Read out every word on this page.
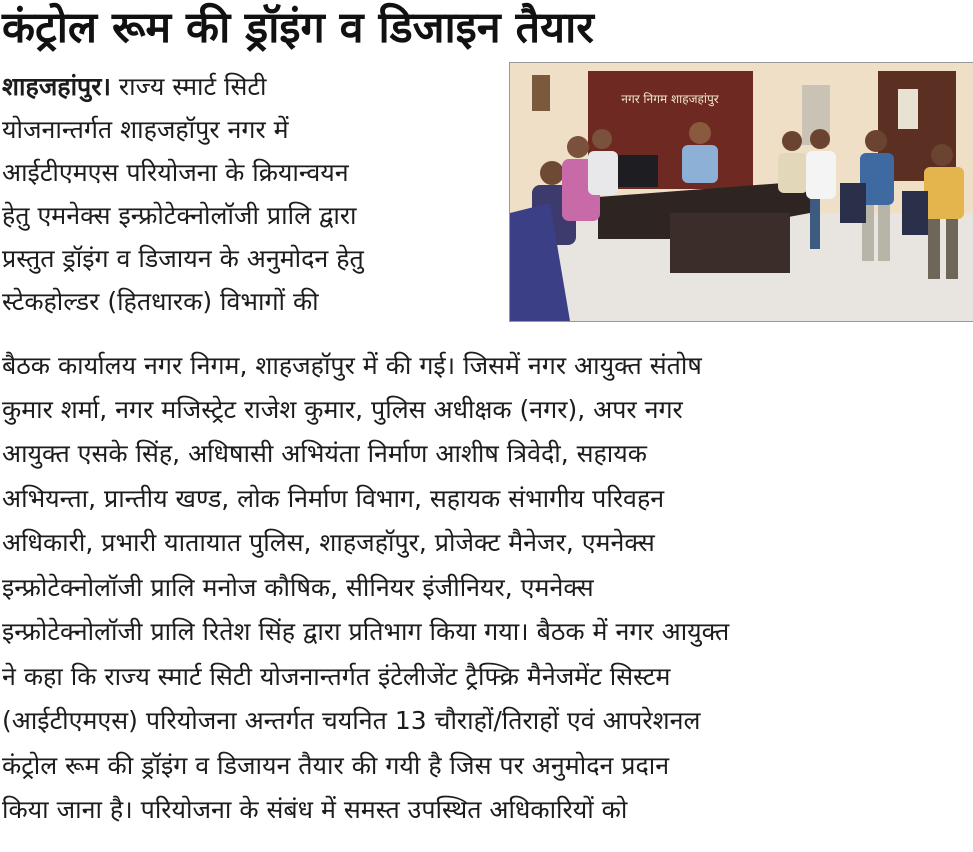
कंट्रोल रूम की ड्रॉइंग व डिजाइन तैयार
शाहजहांपुर। राज्य स्मार्ट सिटी
योजनान्तर्गत शाहजहॉपुर नगर में
आईटीएमएस परियोजना के क्रियान्वयन
हेतु एमनेक्स इन्फ्रोटेक्नोलॉजी प्रालि द्वारा
प्रस्तुत ड्रॉइंग व डिजायन के अनुमोदन हेतु
स्टेकहोल्डर (हितधारक) विभागों की
बैठक कार्यालय नगर निगम, शाहजहॉपुर में की गई। जिसमें नगर आयुक्त संतोष
कुमार शर्मा, नगर मजिस्ट्रेट राजेश कुमार, पुलिस अधीक्षक (नगर), अपर नगर
आयुक्त एसके सिंह, अधिषासी अभियंता निर्माण आशीष त्रिवेदी, सहायक
अभियन्ता, प्रान्तीय खण्ड, लोक निर्माण विभाग, सहायक संभागीय परिवहन
अधिकारी, प्रभारी यातायात पुलिस, शाहजहॉपुर, प्रोजेक्ट मैनेजर, एमनेक्स
इन्फ्रोटेक्नोलॉजी प्रालि मनोज कौषिक, सीनियर इंजीनियर, एमनेक्स
इन्फ्रोटेक्नोलॉजी प्रालि रितेश सिंह द्वारा प्रतिभाग किया गया। बैठक में नगर आयुक्त
ने कहा कि राज्य स्मार्ट सिटी योजनान्तर्गत इंटेलीजेंट ट्रैफ्क्रि मैनेजमेंट सिस्टम
(आईटीएमएस) परियोजना अन्तर्गत चयनित 13 चौराहों/तिराहों एवं आपरेशनल
कंट्रोल रूम की ड्रॉइंग व डिजायन तैयार की गयी है जिस पर अनुमोदन प्रदान
किया जाना है। परियोजना के संबंध में समस्त उपस्थित अधिकारियों को
नगर निगम शाहजहांपुर
